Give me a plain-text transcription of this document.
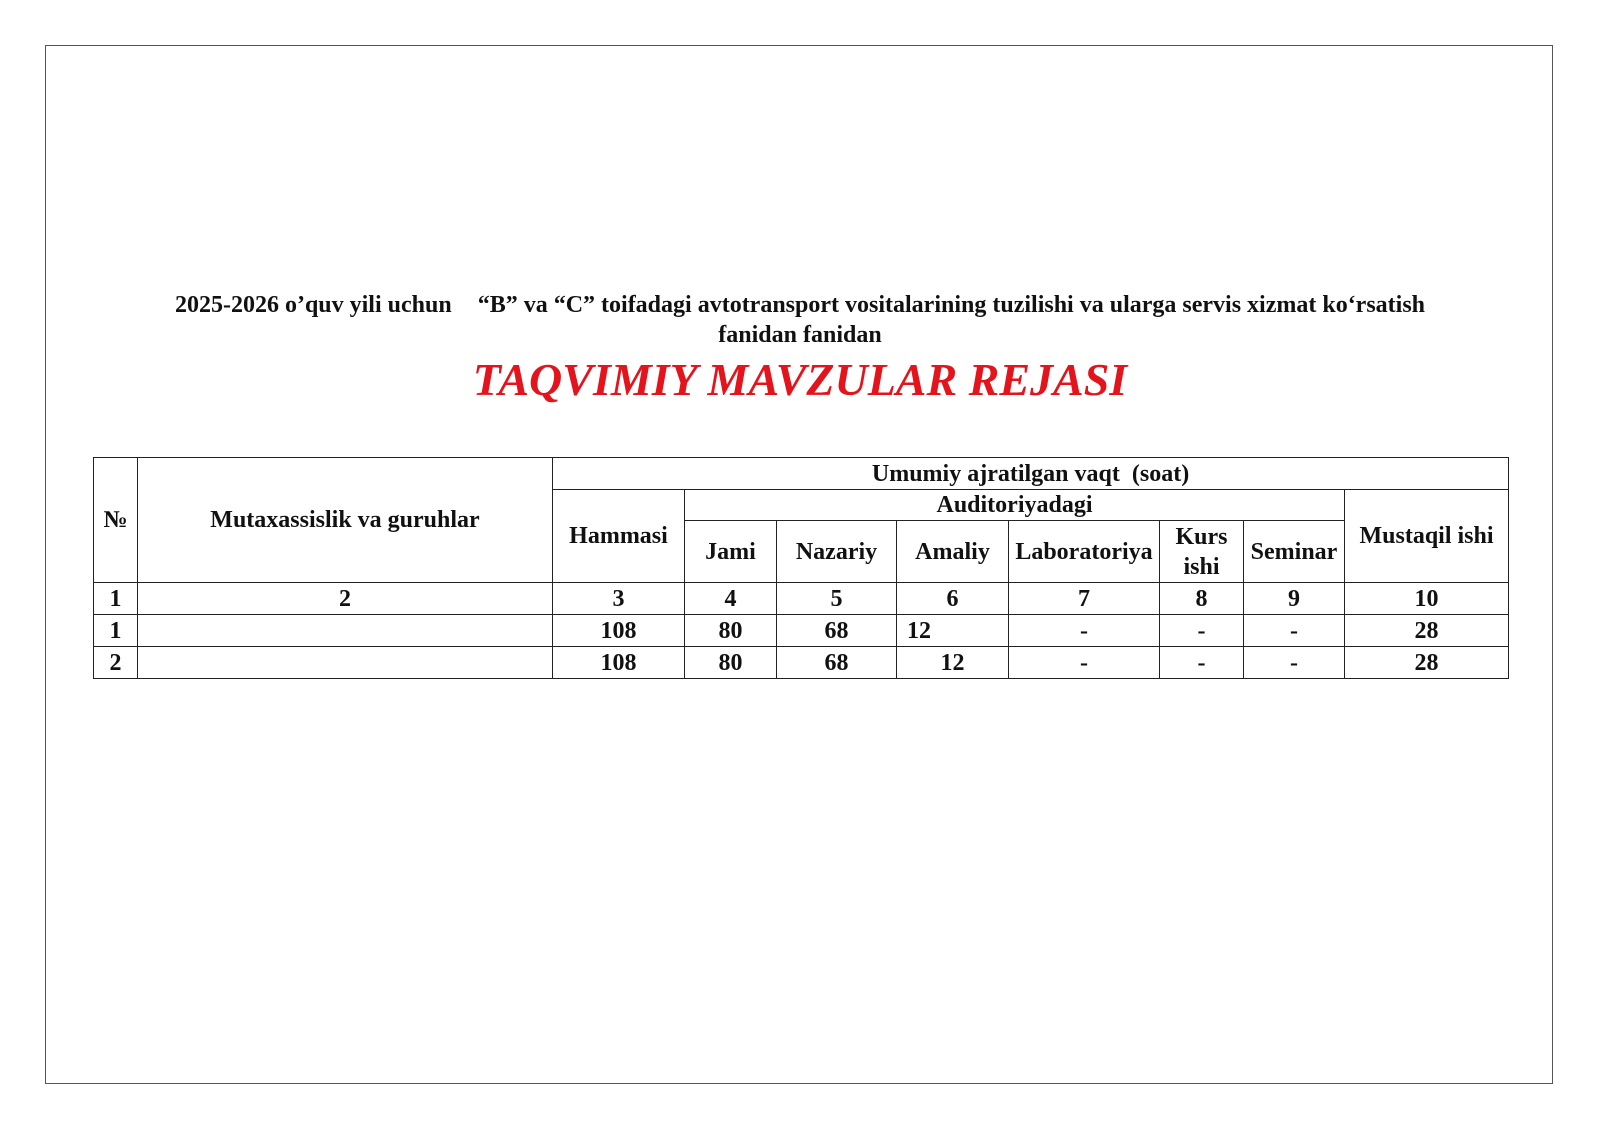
2025-2026 o’quv yili uchun “B” va “C” toifadagi avtotransport vositalarining tuzilishi va ularga servis xizmat ko‘rsatish
fanidan fanidan
TAQVIMIY MAVZULAR REJASI
№	Mutaxassislik va guruhlar	Umumiy ajratilgan vaqt  (soat)							
		Hammasi	Auditoriyadagi						Mustaqil ishi
			Jami	Nazariy	Amaliy	Laboratoriya	Kurs ishi	Seminar	
1	2	3	4	5	6	7	8	9	10
1		108	80	68	12	-	-	-	28
2		108	80	68	12	-	-	-	28
